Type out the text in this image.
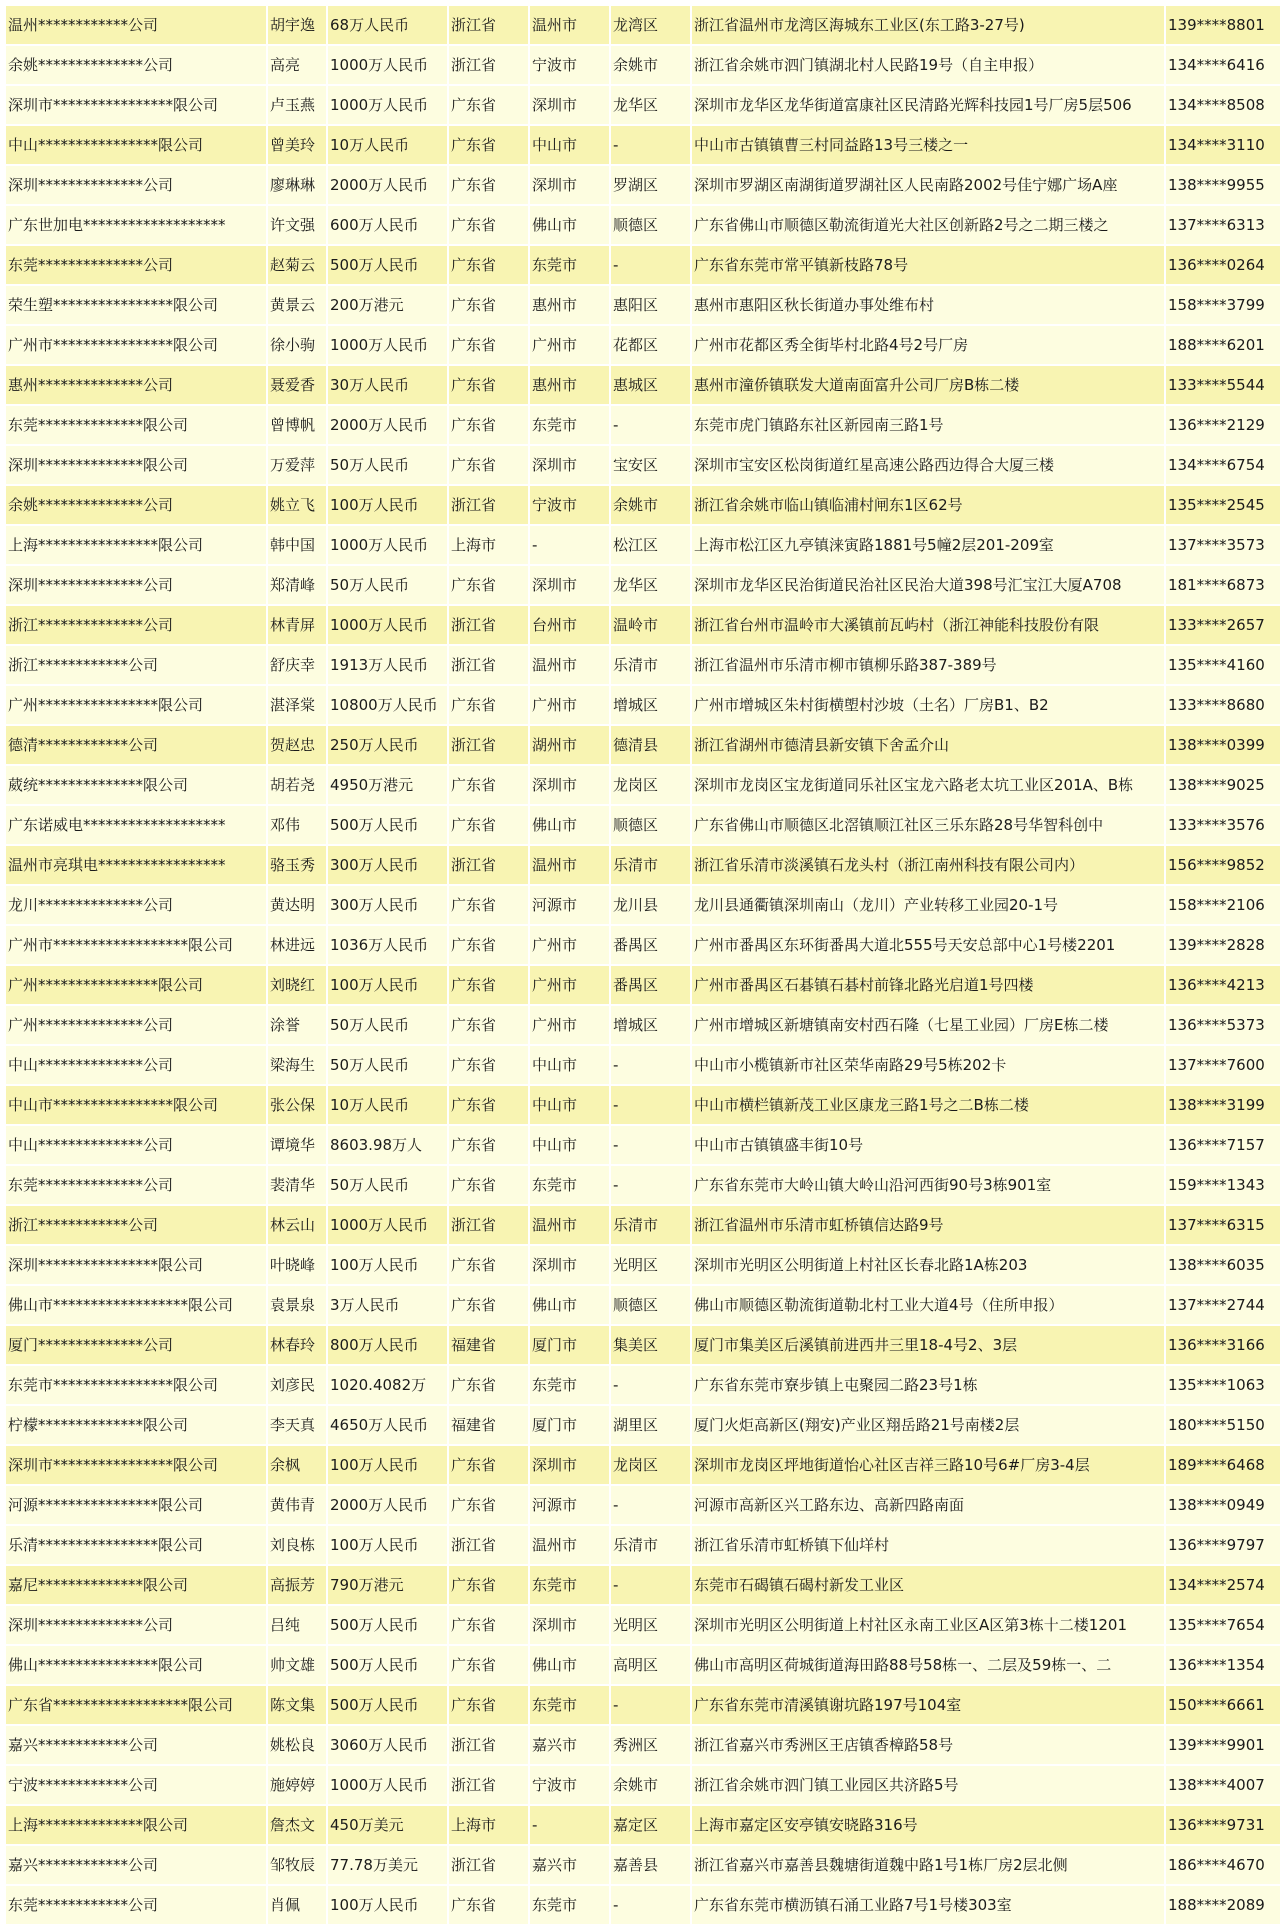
温州************公司	胡宇逸	68万人民币	浙江省	温州市	龙湾区	浙江省温州市龙湾区海城东工业区(东工路3-27号)	139****8801
余姚**************公司	高亮	1000万人民币	浙江省	宁波市	余姚市	浙江省余姚市泗门镇湖北村人民路19号（自主申报）	134****6416
深圳市****************限公司	卢玉燕	1000万人民币	广东省	深圳市	龙华区	深圳市龙华区龙华街道富康社区民清路光辉科技园1号厂房5层506	134****8508
中山****************限公司	曾美玲	10万人民币	广东省	中山市	-	中山市古镇镇曹三村同益路13号三楼之一	134****3110
深圳**************公司	廖琳琳	2000万人民币	广东省	深圳市	罗湖区	深圳市罗湖区南湖街道罗湖社区人民南路2002号佳宁娜广场A座	138****9955
广东世加电*******************	许文强	600万人民币	广东省	佛山市	顺德区	广东省佛山市顺德区勒流街道光大社区创新路2号之二期三楼之	137****6313
东莞**************公司	赵菊云	500万人民币	广东省	东莞市	-	广东省东莞市常平镇新枝路78号	136****0264
荣生塑****************限公司	黄景云	200万港元	广东省	惠州市	惠阳区	惠州市惠阳区秋长街道办事处维布村	158****3799
广州市****************限公司	徐小驹	1000万人民币	广东省	广州市	花都区	广州市花都区秀全街毕村北路4号2号厂房	188****6201
惠州**************公司	聂爱香	30万人民币	广东省	惠州市	惠城区	惠州市潼侨镇联发大道南面富升公司厂房B栋二楼	133****5544
东莞**************限公司	曾博帆	2000万人民币	广东省	东莞市	-	东莞市虎门镇路东社区新园南三路1号	136****2129
深圳**************限公司	万爱萍	50万人民币	广东省	深圳市	宝安区	深圳市宝安区松岗街道红星高速公路西边得合大厦三楼	134****6754
余姚**************公司	姚立飞	100万人民币	浙江省	宁波市	余姚市	浙江省余姚市临山镇临浦村闸东1区62号	135****2545
上海****************限公司	韩中国	1000万人民币	上海市	-	松江区	上海市松江区九亭镇涞寅路1881号5幢2层201-209室	137****3573
深圳**************公司	郑清峰	50万人民币	广东省	深圳市	龙华区	深圳市龙华区民治街道民治社区民治大道398号汇宝江大厦A708	181****6873
浙江**************公司	林青屏	1000万人民币	浙江省	台州市	温岭市	浙江省台州市温岭市大溪镇前瓦屿村（浙江神能科技股份有限	133****2657
浙江************公司	舒庆幸	1913万人民币	浙江省	温州市	乐清市	浙江省温州市乐清市柳市镇柳乐路387-389号	135****4160
广州****************限公司	湛泽棠	10800万人民币	广东省	广州市	增城区	广州市增城区朱村街横塱村沙坡（土名）厂房B1、B2	133****8680
德清************公司	贺赵忠	250万人民币	浙江省	湖州市	德清县	浙江省湖州市德清县新安镇下舍孟介山	138****0399
葳统**************限公司	胡若尧	4950万港元	广东省	深圳市	龙岗区	深圳市龙岗区宝龙街道同乐社区宝龙六路老太坑工业区201A、B栋	138****9025
广东诺威电*******************	邓伟	500万人民币	广东省	佛山市	顺德区	广东省佛山市顺德区北滘镇顺江社区三乐东路28号华智科创中	133****3576
温州市亮琪电*****************	骆玉秀	300万人民币	浙江省	温州市	乐清市	浙江省乐清市淡溪镇石龙头村（浙江南州科技有限公司内）	156****9852
龙川**************公司	黄达明	300万人民币	广东省	河源市	龙川县	龙川县通衢镇深圳南山（龙川）产业转移工业园20-1号	158****2106
广州市******************限公司	林进远	1036万人民币	广东省	广州市	番禺区	广州市番禺区东环街番禺大道北555号天安总部中心1号楼2201	139****2828
广州****************限公司	刘晓红	100万人民币	广东省	广州市	番禺区	广州市番禺区石碁镇石碁村前锋北路光启道1号四楼	136****4213
广州**************公司	涂誉	50万人民币	广东省	广州市	增城区	广州市增城区新塘镇南安村西石隆（七星工业园）厂房E栋二楼	136****5373
中山**************公司	梁海生	50万人民币	广东省	中山市	-	中山市小榄镇新市社区荣华南路29号5栋202卡	137****7600
中山市****************限公司	张公保	10万人民币	广东省	中山市	-	中山市横栏镇新茂工业区康龙三路1号之二B栋二楼	138****3199
中山**************公司	谭境华	8603.98万人	广东省	中山市	-	中山市古镇镇盛丰街10号	136****7157
东莞**************公司	裴清华	50万人民币	广东省	东莞市	-	广东省东莞市大岭山镇大岭山沿河西街90号3栋901室	159****1343
浙江************公司	林云山	1000万人民币	浙江省	温州市	乐清市	浙江省温州市乐清市虹桥镇信达路9号	137****6315
深圳****************限公司	叶晓峰	100万人民币	广东省	深圳市	光明区	深圳市光明区公明街道上村社区长春北路1A栋203	138****6035
佛山市******************限公司	袁景泉	3万人民币	广东省	佛山市	顺德区	佛山市顺德区勒流街道勒北村工业大道4号（住所申报）	137****2744
厦门**************公司	林春玲	800万人民币	福建省	厦门市	集美区	厦门市集美区后溪镇前进西井三里18-4号2、3层	136****3166
东莞市****************限公司	刘彦民	1020.4082万	广东省	东莞市	-	广东省东莞市寮步镇上屯聚园二路23号1栋	135****1063
柠檬**************限公司	李天真	4650万人民币	福建省	厦门市	湖里区	厦门火炬高新区(翔安)产业区翔岳路21号南楼2层	180****5150
深圳市****************限公司	余枫	100万人民币	广东省	深圳市	龙岗区	深圳市龙岗区坪地街道怡心社区吉祥三路10号6#厂房3-4层	189****6468
河源****************限公司	黄伟青	2000万人民币	广东省	河源市	-	河源市高新区兴工路东边、高新四路南面	138****0949
乐清****************限公司	刘良栋	100万人民币	浙江省	温州市	乐清市	浙江省乐清市虹桥镇下仙垟村	136****9797
嘉尼**************限公司	高振芳	790万港元	广东省	东莞市	-	东莞市石碣镇石碣村新发工业区	134****2574
深圳**************公司	吕纯	500万人民币	广东省	深圳市	光明区	深圳市光明区公明街道上村社区永南工业区A区第3栋十二楼1201	135****7654
佛山****************限公司	帅文雄	500万人民币	广东省	佛山市	高明区	佛山市高明区荷城街道海田路88号58栋一、二层及59栋一、二	136****1354
广东省******************限公司	陈文集	500万人民币	广东省	东莞市	-	广东省东莞市清溪镇谢坑路197号104室	150****6661
嘉兴************公司	姚松良	3060万人民币	浙江省	嘉兴市	秀洲区	浙江省嘉兴市秀洲区王店镇香樟路58号	139****9901
宁波************公司	施婷婷	1000万人民币	浙江省	宁波市	余姚市	浙江省余姚市泗门镇工业园区共济路5号	138****4007
上海**************限公司	詹杰文	450万美元	上海市	-	嘉定区	上海市嘉定区安亭镇安晓路316号	136****9731
嘉兴************公司	邹牧辰	77.78万美元	浙江省	嘉兴市	嘉善县	浙江省嘉兴市嘉善县魏塘街道魏中路1号1栋厂房2层北侧	186****4670
东莞************公司	肖佩	100万人民币	广东省	东莞市	-	广东省东莞市横沥镇石涌工业路7号1号楼303室	188****2089
